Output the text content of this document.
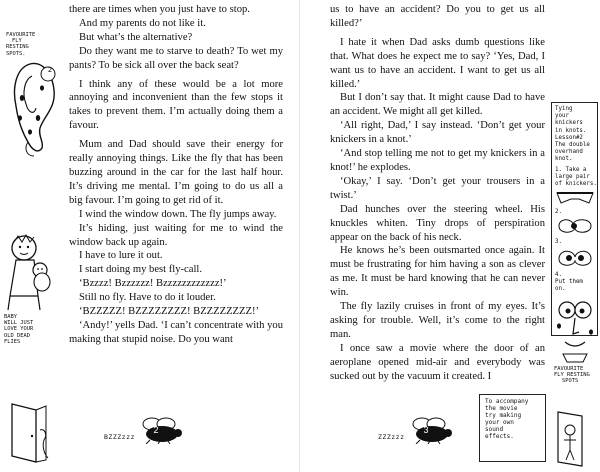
FAVOURITE
FLY
RESTING
SPOTS.
2
BABY
WILL JUST
LOVE YOUR
OLD DEAD
FLIES

there are times when you just have to stop.

And my parents do not like it.

But what’s the alternative?

Do they want me to starve to death? To wet my pants? To be sick all over the back seat?

I think any of these would be a lot more annoying and inconvenient than the few stops it takes to prevent them. I’m actually doing them a favour.

Mum and Dad should save their energy for really annoying things. Like the fly that has been buzzing around in the car for the last half hour. It’s driving me mental. I’m going to do us all a big favour. I’m going to get rid of it.

I wind the window down. The fly jumps away.

It’s hiding, just waiting for me to wind the window back up again.

I have to lure it out.

I start doing my best fly-call.

‘Bzzzz! Bzzzzzz! Bzzzzzzzzzzzz!’

Still no fly. Have to do it louder.

‘BZZZZZ! BZZZZZZZZ! BZZZZZZZZ!’

‘Andy!’ yells Dad. ‘I can’t concentrate with you making that stupid noise. Do you want

BZZZzzz
2

us to have an accident? Do you to get us all killed?’

I hate it when Dad asks dumb questions like that. What does he expect me to say? ‘Yes, Dad, I want us to have an accident. I want to get us all killed.’

But I don’t say that. It might cause Dad to have an accident. We might all get killed.

‘All right, Dad,’ I say instead. ‘Don’t get your knickers in a knot.’

‘And stop telling me not to get my knickers in a knot!’ he explodes.

‘Okay,’ I say. ‘Don’t get your trousers in a twist.’

Dad hunches over the steering wheel. His knuckles whiten. Tiny drops of perspiration appear on the back of his neck.

He knows he’s been outsmarted once again. It must be frustrating for him having a son as clever as me. It must be hard knowing that he can never win.

The fly lazily cruises in front of my eyes. It’s asking for trouble. Well, it’s come to the right man.

I once saw a movie where the door of an aeroplane opened mid-air and everybody was sucked out by the vacuum it created. I

Tying
your
knickers
in knots.
Lesson#2
The double
overhand
knot.
1. Take a
large pair
of knickers.
2.
3.
4.
Put them
on.
FAVOURITE
FLY RESTING
SPOTS
ZZZzzz
3
To accompany
the movie
try making
your own
sound
effects.
